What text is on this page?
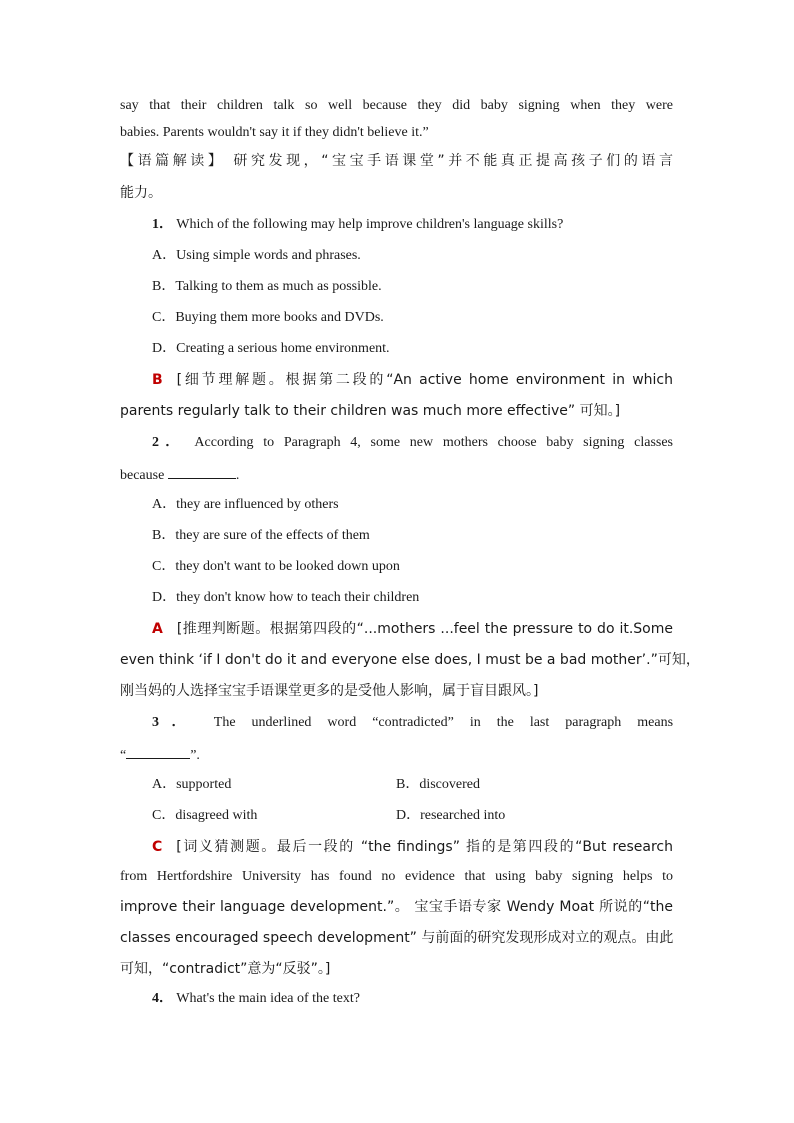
say that their children talk so well because they did baby signing when they were
babies. Parents wouldn't say it if they didn't believe it.”
【语篇解读】 研究发现，“宝宝手语课堂”并不能真正提高孩子们的语言
能力。
1． Which of the following may help improve children's language skills?
A．Using simple words and phrases.
B．Talking to them as much as possible.
C．Buying them more books and DVDs.
D．Creating a serious home environment.
B [细节理解题。根据第二段的“An active home environment in which
parents regularly talk to their children was much more effective” 可知。]
2． According to Paragraph 4, some new mothers choose baby signing classes
because	.
A．they are influenced by others
B．they are sure of the effects of them
C．they don't want to be looked down upon
D．they don't know how to teach their children
A [推理判断题。根据第四段的“...mothers ...feel the pressure to do it.Some
even think ‘if I don't do it and everyone else does, I must be a bad mother’.”可知，
刚当妈的人选择宝宝手语课堂更多的是受他人影响，属于盲目跟风。]
3． The underlined word “contradicted” in the last paragraph means
“	”.
A．supported	B．discovered
C．disagreed with	D．researched into
C [词义猜测题。最后一段的 “the findings” 指的是第四段的“But research
from Hertfordshire University has found no evidence that using baby signing helps to
improve their language development.”。 宝宝手语专家 Wendy Moat 所说的“the
classes encouraged speech development” 与前面的研究发现形成对立的观点。由此
可知，“contradict”意为“反驳”。]
4． What's the main idea of the text?
